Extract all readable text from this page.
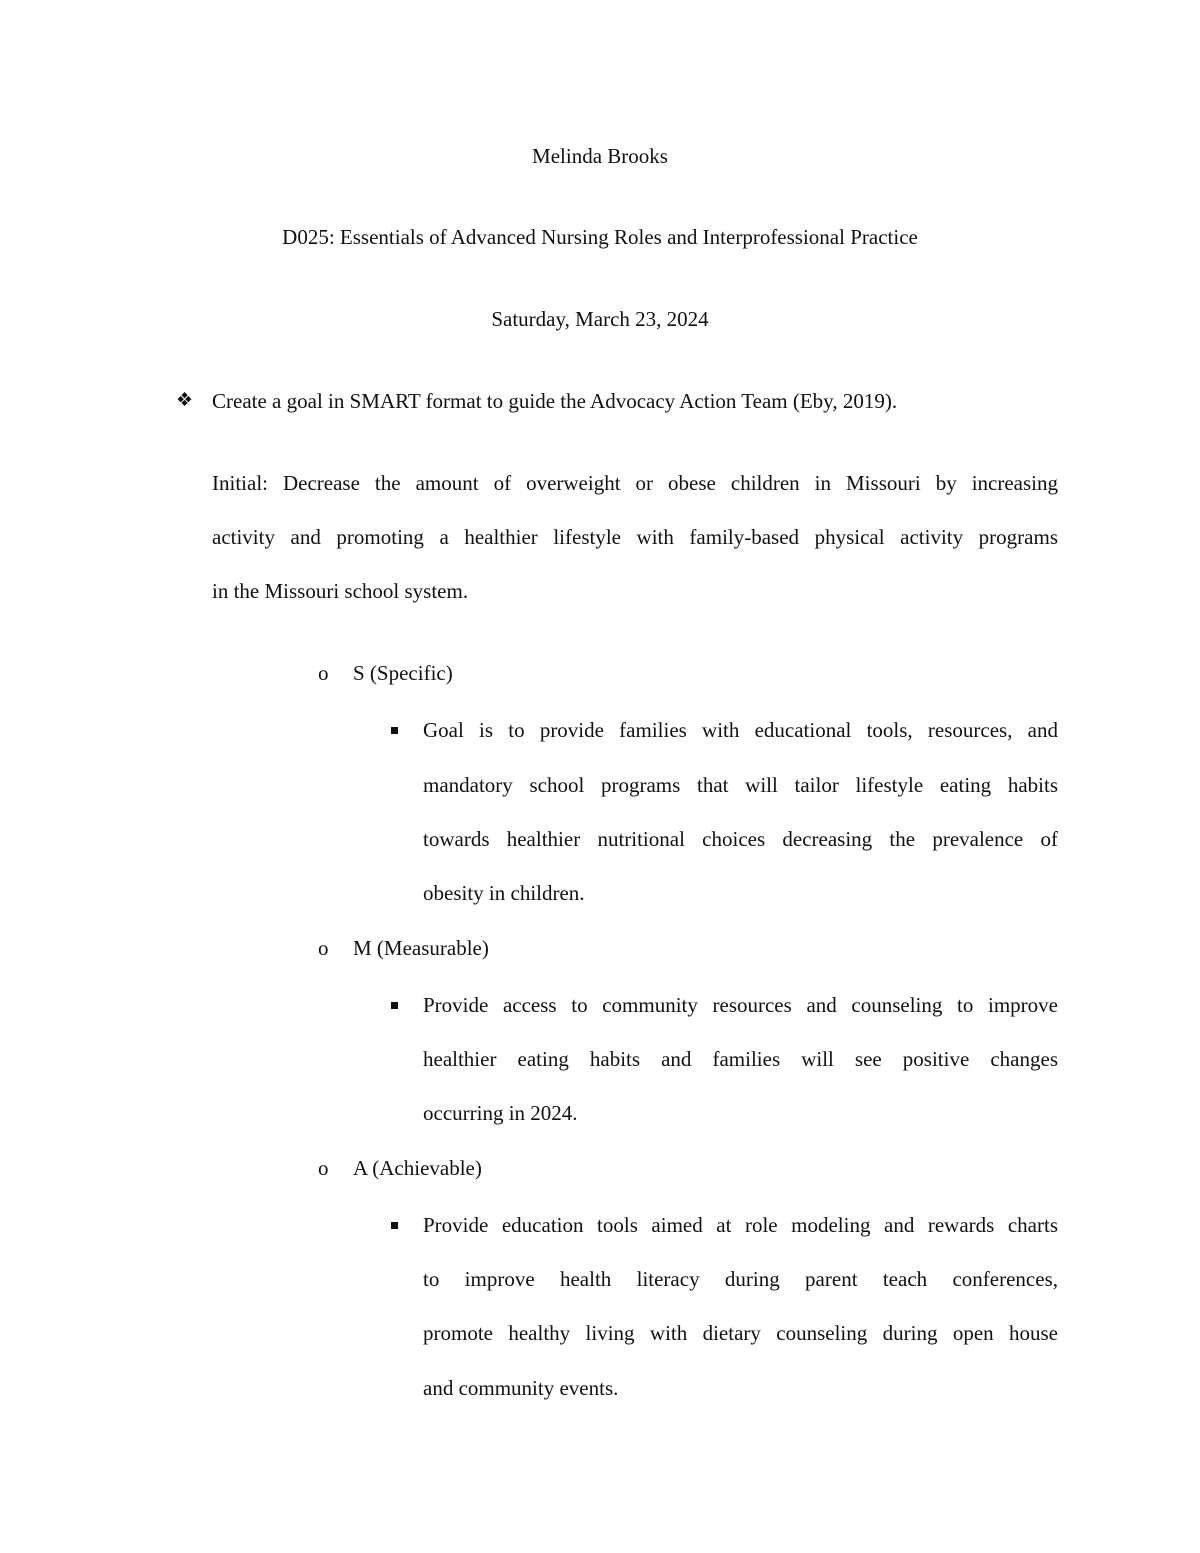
Melinda Brooks
D025: Essentials of Advanced Nursing Roles and Interprofessional Practice
Saturday, March 23, 2024
❖ Create a goal in SMART format to guide the Advocacy Action Team (Eby, 2019).
Initial: Decrease the amount of overweight or obese children in Missouri by increasing
activity and promoting a healthier lifestyle with family-based physical activity programs
in the Missouri school system.
o S (Specific)
Goal is to provide families with educational tools, resources, and
mandatory school programs that will tailor lifestyle eating habits
towards healthier nutritional choices decreasing the prevalence of
obesity in children.
o M (Measurable)
Provide access to community resources and counseling to improve
healthier eating habits and families will see positive changes
occurring in 2024.
o A (Achievable)
Provide education tools aimed at role modeling and rewards charts
to improve health literacy during parent teach conferences,
promote healthy living with dietary counseling during open house
and community events.
